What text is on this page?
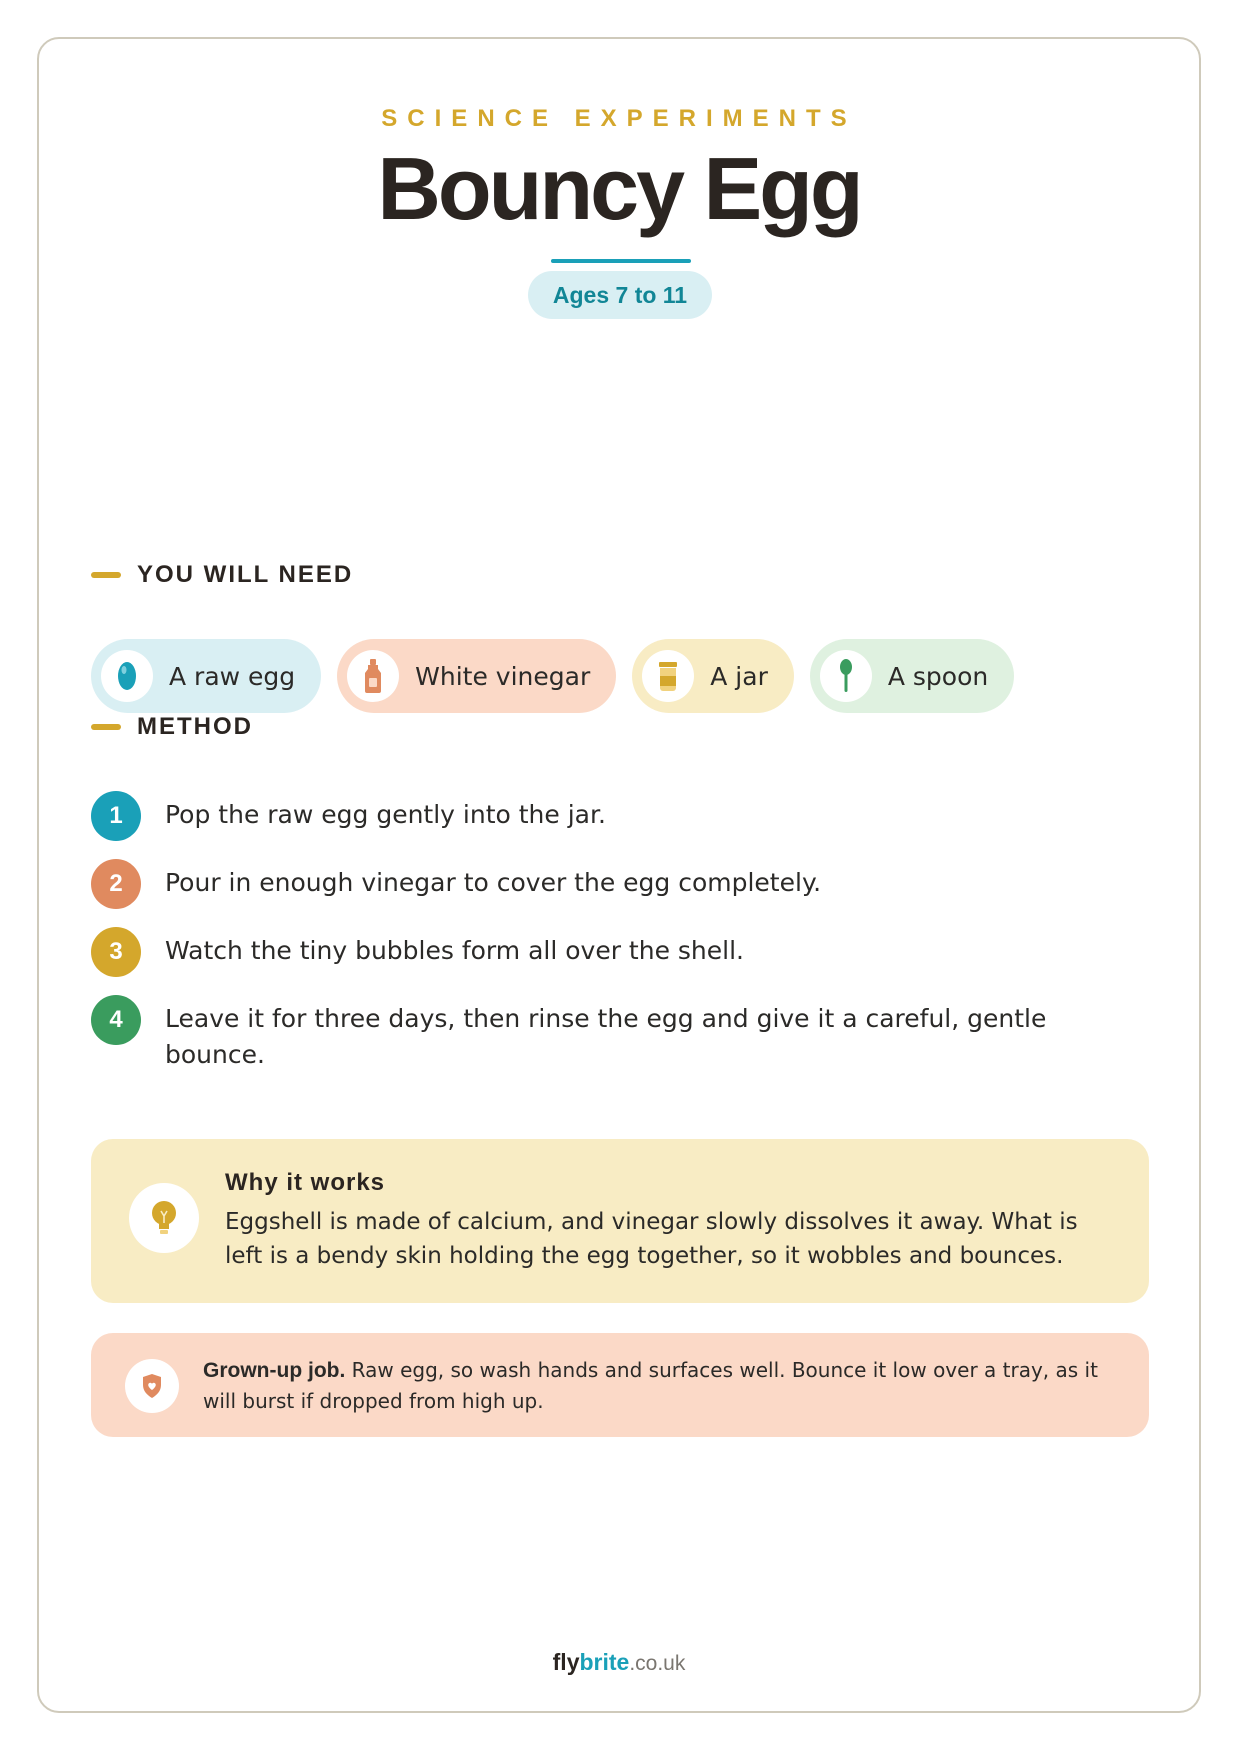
SCIENCE EXPERIMENTS
Bouncy Egg
Ages 7 to 11
YOU WILL NEED
A raw egg	White vinegar	A jar	A spoon
METHOD
1	Pop the raw egg gently into the jar.
2	Pour in enough vinegar to cover the egg completely.
3	Watch the tiny bubbles form all over the shell.
4	Leave it for three days, then rinse the egg and give it a careful, gentle bounce.
Why it works
Eggshell is made of calcium, and vinegar slowly dissolves it away. What is left is a bendy skin holding the egg together, so it wobbles and bounces.
Grown-up job. Raw egg, so wash hands and surfaces well. Bounce it low over a tray, as it will burst if dropped from high up.
flybrite.co.uk
